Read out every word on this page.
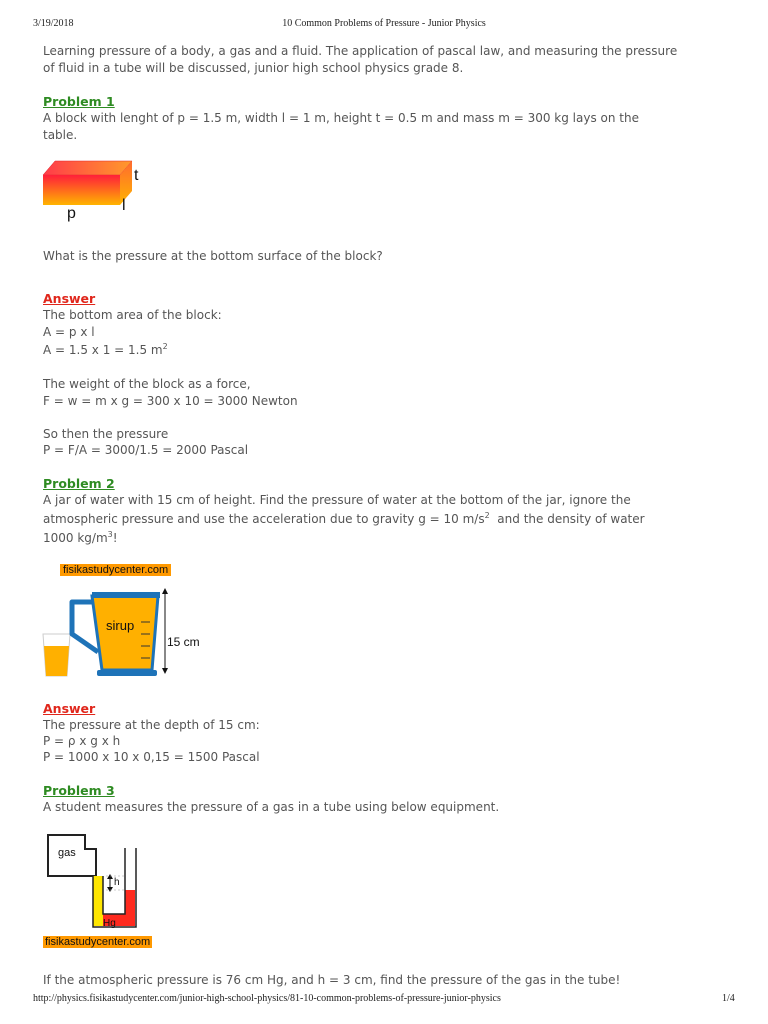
3/19/2018	10 Common Problems of Pressure - Junior Physics
Learning pressure of a body, a gas and a fluid. The application of pascal law, and measuring the pressure
of fluid in a tube will be discussed, junior high school physics grade 8.
Problem 1
A block with lenght of p = 1.5 m, width l = 1 m, height t = 0.5 m and mass m = 300 kg lays on the
table.
t
l
p
What is the pressure at the bottom surface of the block?
Answer
The bottom area of the block:
A = p x l
A = 1.5 x 1 = 1.5 $m^2$
The weight of the block as a force,
F = w = m x g = 300 x 10 = 3000 Newton
So then the pressure
P = F/A = 3000/1.5 = 2000 Pascal
Problem 2
A jar of water with 15 cm of height. Find the pressure of water at the bottom of the jar, ignore the
atmospheric pressure and use the acceleration due to gravity g = 10 $m/s^2$  and the density of water
1000 $kg/m^3$!
fisikastudycenter.com
sirup
15 cm
Answer
The pressure at the depth of 15 cm:
P = ρ x g x h
P = 1000 x 10 x 0,15 = 1500 Pascal
Problem 3
A student measures the pressure of a gas in a tube using below equipment.
gas
h
Hg
fisikastudycenter.com
If the atmospheric pressure is 76 cm Hg, and h = 3 cm, find the pressure of the gas in the tube!
http://physics.fisikastudycenter.com/junior-high-school-physics/81-10-common-problems-of-pressure-junior-physics	1/4
